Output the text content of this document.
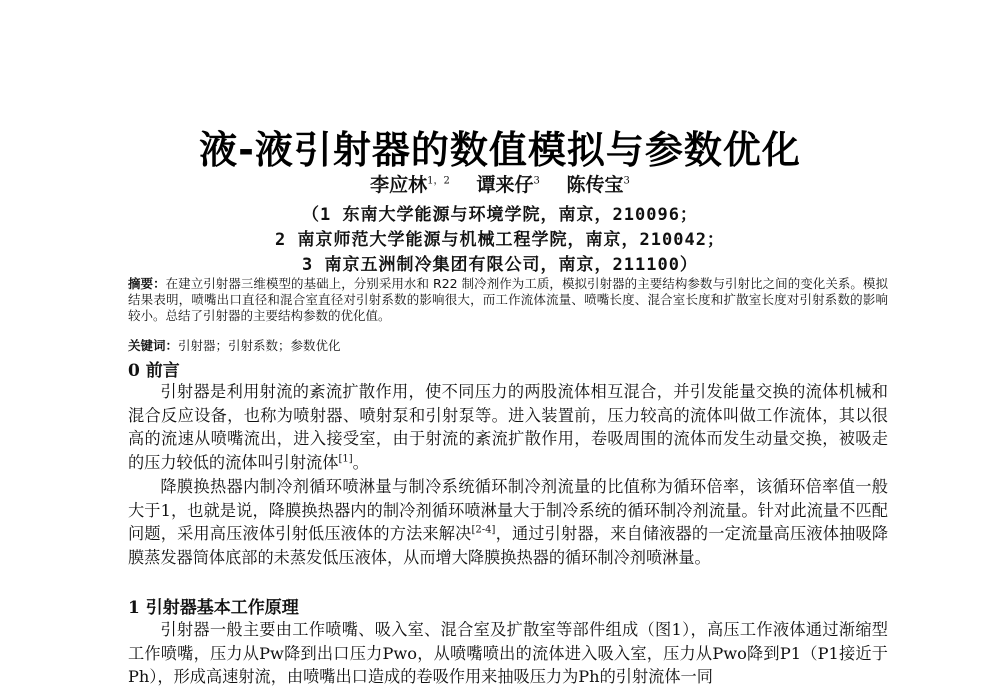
液-液引射器的数值模拟与参数优化
李应林$^{1,2}$ 谭来仔$^3$ 陈传宝$^3$
（1 东南大学能源与环境学院，南京，210096；
2 南京师范大学能源与机械工程学院，南京，210042；
3 南京五洲制冷集团有限公司，南京，211100）
摘要：在建立引射器三维模型的基础上，分别采用水和 R22 制冷剂作为工质，模拟引射器的主要结构参数与引射比之间的变化关系。模拟结果表明，喷嘴出口直径和混合室直径对引射系数的影响很大，而工作流体流量、喷嘴长度、混合室长度和扩散室长度对引射系数的影响较小。总结了引射器的主要结构参数的优化值。
关键词：引射器；引射系数；参数优化
0 前言
引射器是利用射流的紊流扩散作用，使不同压力的两股流体相互混合，并引发能量交换的流体机械和混合反应设备，也称为喷射器、喷射泵和引射泵等。进入装置前，压力较高的流体叫做工作流体，其以很高的流速从喷嘴流出，进入接受室，由于射流的紊流扩散作用，卷吸周围的流体而发生动量交换，被吸走的压力较低的流体叫引射流体[1]。
降膜换热器内制冷剂循环喷淋量与制冷系统循环制冷剂流量的比值称为循环倍率，该循环倍率值一般大于1，也就是说，降膜换热器内的制冷剂循环喷淋量大于制冷系统的循环制冷剂流量。针对此流量不匹配问题，采用高压液体引射低压液体的方法来解决[2-4]，通过引射器，来自储液器的一定流量高压液体抽吸降膜蒸发器筒体底部的未蒸发低压液体，从而增大降膜换热器的循环制冷剂喷淋量。
1 引射器基本工作原理
引射器一般主要由工作喷嘴、吸入室、混合室及扩散室等部件组成（图1），高压工作液体通过渐缩型工作喷嘴，压力从Pw降到出口压力Pwo，从喷嘴喷出的流体进入吸入室，压力从Pwo降到P1（P1接近于Ph），形成高速射流，由喷嘴出口造成的卷吸作用来抽吸压力为Ph的引射流体一同
